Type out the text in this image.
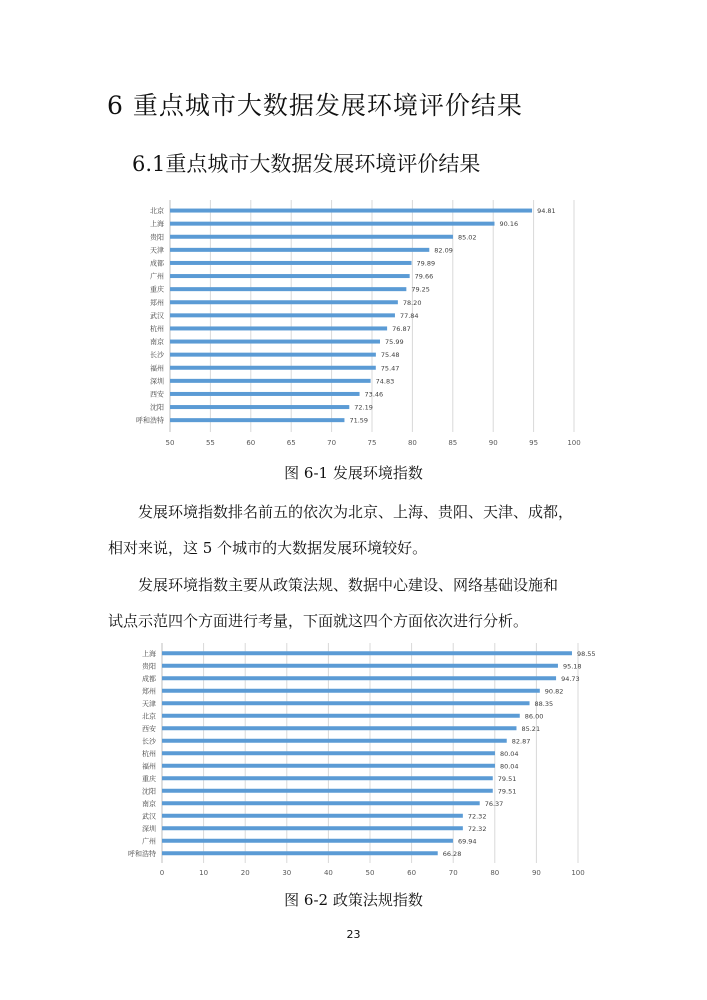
6 重点城市大数据发展环境评价结果
6.1重点城市大数据发展环境评价结果
50	55	60	65	70	75	80	85	90	95	100
北京	94.81
上海	90.16
贵阳	85.02
天津	82.09
成都	79.89
广州	79.66
重庆	79.25
郑州	78.20
武汉	77.84
杭州	76.87
南京	75.99
长沙	75.48
福州	75.47
深圳	74.83
西安	73.46
沈阳	72.19
呼和浩特	71.59
图 6-1 发展环境指数
发展环境指数排名前五的依次为北京、上海、贵阳、天津、成都，
相对来说，这 5 个城市的大数据发展环境较好。
发展环境指数主要从政策法规、数据中心建设、网络基础设施和
试点示范四个方面进行考量，下面就这四个方面依次进行分析。
0	10	20	30	40	50	60	70	80	90	100
上海	98.55
贵阳	95.18
成都	94.73
郑州	90.82
天津	88.35
北京	86.00
西安	85.21
长沙	82.87
杭州	80.04
福州	80.04
重庆	79.51
沈阳	79.51
南京	76.37
武汉	72.32
深圳	72.32
广州	69.94
呼和浩特	66.28
图 6-2 政策法规指数
23
